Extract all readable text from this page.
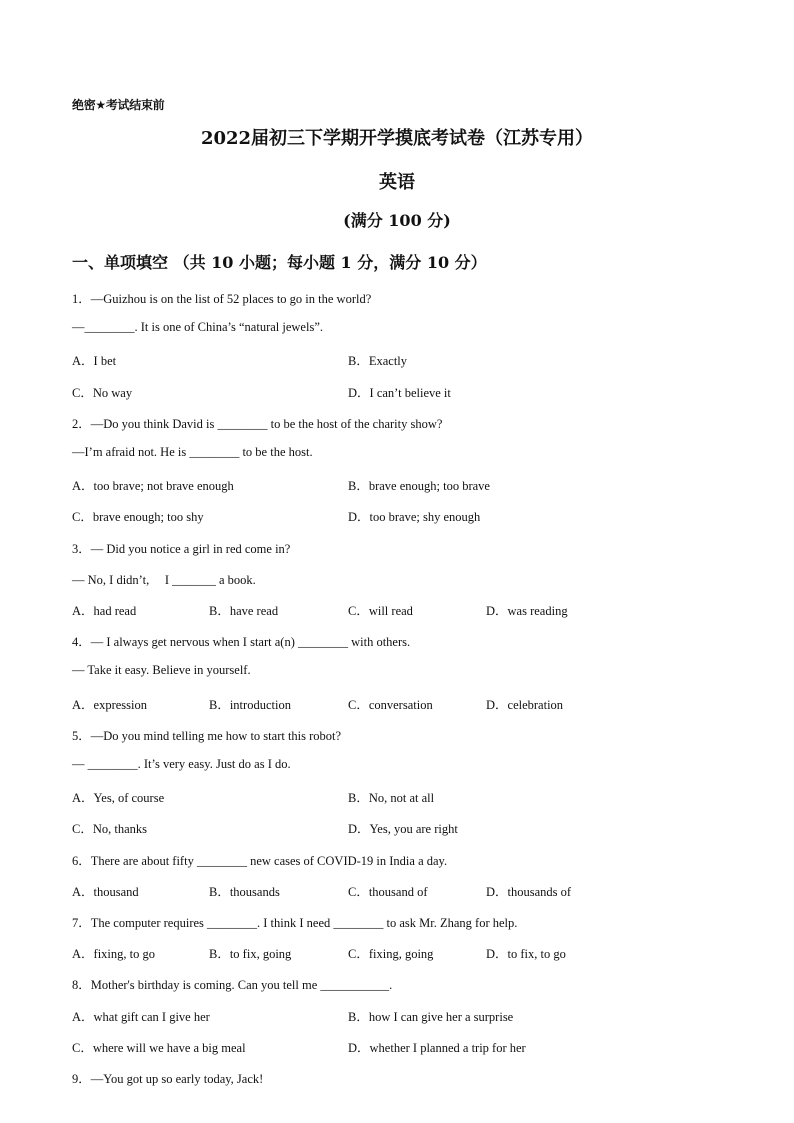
绝密★考试结束前
2022届初三下学期开学摸底考试卷（江苏专用）
英语
(满分 100 分)
一、单项填空 （共 10 小题；每小题 1 分，满分 10 分）
1．—Guizhou is on the list of 52 places to go in the world?
—________. It is one of China’s “natural jewels”.
A．I bet	B．Exactly
C．No way	D．I can’t believe it
2．—Do you think David is ________ to be the host of the charity show?
—I’m afraid not. He is ________ to be the host.
A．too brave; not brave enough	B．brave enough; too brave
C．brave enough; too shy	D．too brave; shy enough
3．— Did you notice a girl in red come in?
— No, I didn’t,　 I _______ a book.
A．had read	B．have read	C．will read	D．was reading
4．— I always get nervous when I start a(n) ________ with others.
— Take it easy. Believe in yourself.
A．expression	B．introduction	C．conversation	D．celebration
5．—Do you mind telling me how to start this robot?
— ________. It’s very easy. Just do as I do.
A．Yes, of course	B．No, not at all
C．No, thanks	D．Yes, you are right
6．There are about fifty ________ new cases of COVID-19 in India a day.
A．thousand	B．thousands	C．thousand of	D．thousands of
7．The computer requires ________. I think I need ________ to ask Mr. Zhang for help.
A．fixing, to go	B．to fix, going	C．fixing, going	D．to fix, to go
8．Mother's birthday is coming. Can you tell me ___________.
A．what gift can I give her	B．how I can give her a surprise
C．where will we have a big meal	D．whether I planned a trip for her
9．—You got up so early today, Jack!
